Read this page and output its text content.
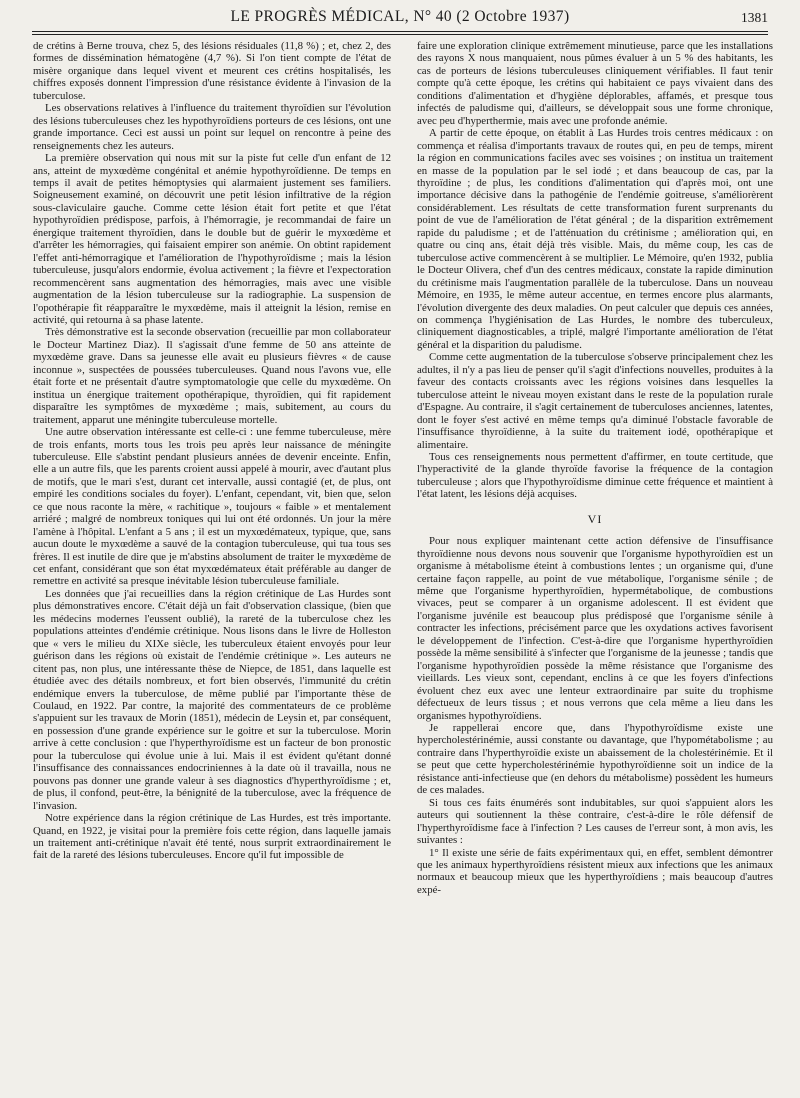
LE PROGRÈS MÉDICAL, N° 40 (2 Octobre 1937)	1381

de crétins à Berne trouva, chez 5, des lésions résiduales (11,8 %) ; et, chez 2, des formes de dissémination hématogène (4,7 %). Si l'on tient compte de l'état de misère organique dans lequel vivent et meurent ces crétins hospitalisés, les chiffres exposés donnent l'impression d'une résistance évidente à l'invasion de la tuberculose.

Les observations relatives à l'influence du traitement thyroïdien sur l'évolution des lésions tuberculeuses chez les hypothyroïdiens porteurs de ces lésions, ont une grande importance. Ceci est aussi un point sur lequel on rencontre à peine des renseignements chez les auteurs.

La première observation qui nous mit sur la piste fut celle d'un enfant de 12 ans, atteint de myxœdème congénital et anémie hypothyroïdienne. De temps en temps il avait de petites hémoptysies qui alarmaient justement ses familiers. Soigneusement examiné, on découvrit une petit lésion infiltrative de la région sous-claviculaire gauche. Comme cette lésion était fort petite et que l'état hypothyroïdien prédispose, parfois, à l'hémorragie, je recommandai de faire un énergique traitement thyroïdien, dans le double but de guérir le myxœdème et d'arrêter les hémorragies, qui faisaient empirer son anémie. On obtint rapidement l'effet anti-hémorragique et l'amélioration de l'hypothyroïdisme ; mais la lésion tuberculeuse, jusqu'alors endormie, évolua activement ; la fièvre et l'expectoration recommencèrent sans augmentation des hémorragies, mais avec une visible augmentation de la lésion tuberculeuse sur la radiographie. La suspension de l'opothérapie fit réapparaître le myxœdème, mais il atteignit la lésion, remise en activité, qui retourna à sa phase latente.

Très démonstrative est la seconde observation (recueillie par mon collaborateur le Docteur Martinez Diaz). Il s'agissait d'une femme de 50 ans atteinte de myxœdème grave. Dans sa jeunesse elle avait eu plusieurs fièvres « de cause inconnue », suspectées de poussées tuberculeuses. Quand nous l'avons vue, elle était forte et ne présentait d'autre symptomatologie que celle du myxœdème. On institua un énergique traitement opothérapique, thyroïdien, qui fit rapidement disparaître les symptômes de myxœdème ; mais, subitement, au cours du traitement, apparut une méningite tuberculeuse mortelle.

Une autre observation intéressante est celle-ci : une femme tuberculeuse, mère de trois enfants, morts tous les trois peu après leur naissance de méningite tuberculeuse. Elle s'abstint pendant plusieurs années de devenir enceinte. Enfin, elle a un autre fils, que les parents croient aussi appelé à mourir, avec d'autant plus de motifs, que le mari s'est, durant cet intervalle, aussi contagié (et, de plus, ont empiré les conditions sociales du foyer). L'enfant, cependant, vit, bien que, selon ce que nous raconte la mère, « rachitique », toujours « faible » et mentalement arriéré ; malgré de nombreux toniques qui lui ont été ordonnés. Un jour la mère l'amène à l'hôpital. L'enfant a 5 ans ; il est un myxœdémateux, typique, que, sans aucun doute le myxœdème a sauvé de la contagion tuberculeuse, qui tua tous ses frères. Il est inutile de dire que je m'abstins absolument de traiter le myxœdème de cet enfant, considérant que son état myxœdémateux était préférable au danger de remettre en activité sa presque inévitable lésion tuberculeuse familiale.

Les données que j'ai recueillies dans la région crétinique de Las Hurdes sont plus démonstratives encore. C'était déjà un fait d'observation classique, (bien que les médecins modernes l'eussent oublié), la rareté de la tuberculose chez les populations atteintes d'endémie crétinique. Nous lisons dans le livre de Holleston que « vers le milieu du XIXe siècle, les tuberculeux étaient envoyés pour leur guérison dans les régions où existait de l'endémie crétinique ». Les auteurs ne citent pas, non plus, une intéressante thèse de Niepce, de 1851, dans laquelle est étudiée avec des détails nombreux, et fort bien observés, l'immunité du crétin endémique envers la tuberculose, de même publié par l'importante thèse de Coulaud, en 1922. Par contre, la majorité des commentateurs de ce problème s'appuient sur les travaux de Morin (1851), médecin de Leysin et, par conséquent, en possession d'une grande expérience sur le goitre et sur la tuberculose. Morin arrive à cette conclusion : que l'hyperthyroïdisme est un facteur de bon pronostic pour la tuberculose qui évolue unie à lui. Mais il est évident qu'étant donné l'insuffisance des connaissances endocriniennes à la date où il travailla, nous ne pouvons pas donner une grande valeur à ses diagnostics d'hyperthyroïdisme ; et, de plus, il confond, peut-être, la bénignité de la tuberculose, avec la fréquence de l'invasion.

Notre expérience dans la région crétinique de Las Hurdes, est très importante. Quand, en 1922, je visitai pour la première fois cette région, dans laquelle jamais un traitement anti-crétinique n'avait été tenté, nous surprit extraordinairement le fait de la rareté des lésions tuberculeuses. Encore qu'il fut impossible de

faire une exploration clinique extrêmement minutieuse, parce que les installations des rayons X nous manquaient, nous pûmes évaluer à un 5 % des habitants, les cas de porteurs de lésions tuberculeuses cliniquement vérifiables. Il faut tenir compte qu'à cette époque, les crétins qui habitaient ce pays vivaient dans des conditions d'alimentation et d'hygiène déplorables, affamés, et presque tous infectés de paludisme qui, d'ailleurs, se développait sous une forme chronique, avec peu d'hyperthermie, mais avec une profonde anémie.

A partir de cette époque, on établit à Las Hurdes trois centres médicaux : on commença et réalisa d'importants travaux de routes qui, en peu de temps, mirent la région en communications faciles avec ses voisines ; on institua un traitement en masse de la population par le sel iodé ; et dans beaucoup de cas, par la thyroïdine ; de plus, les conditions d'alimentation qui d'après moi, ont une importance décisive dans la pathogénie de l'endémie goitreuse, s'améliorèrent considérablement. Les résultats de cette transformation furent surprenants du point de vue de l'amélioration de l'état général ; de la disparition extrêmement rapide du paludisme ; et de l'atténuation du crétinisme ; amélioration qui, en quatre ou cinq ans, était déjà très visible. Mais, du même coup, les cas de tuberculose active commencèrent à se multiplier. Le Mémoire, qu'en 1932, publia le Docteur Olivera, chef d'un des centres médicaux, constate la rapide diminution du crétinisme mais l'augmentation parallèle de la tuberculose. Dans un nouveau Mémoire, en 1935, le même auteur accentue, en termes encore plus alarmants, l'évolution divergente des deux maladies. On peut calculer que depuis ces années, on commença l'hygiénisation de Las Hurdes, le nombre des tuberculeux, cliniquement diagnosticables, a triplé, malgré l'importante amélioration de l'état général et la disparition du paludisme.

Comme cette augmentation de la tuberculose s'observe principalement chez les adultes, il n'y a pas lieu de penser qu'il s'agit d'infections nouvelles, produites à la faveur des contacts croissants avec les régions voisines dans lesquelles la tuberculose atteint le niveau moyen existant dans le reste de la population rurale d'Espagne. Au contraire, il s'agit certainement de tuberculoses anciennes, latentes, dont le foyer s'est activé en même temps qu'a diminué l'obstacle favorable de l'insuffisance thyroïdienne, à la suite du traitement iodé, opothérapique et alimentaire.

Tous ces renseignements nous permettent d'affirmer, en toute certitude, que l'hyperactivité de la glande thyroïde favorise la fréquence de la contagion tuberculeuse ; alors que l'hypothyroïdisme diminue cette fréquence et maintient à l'état latent, les lésions déjà acquises.

VI

Pour nous expliquer maintenant cette action défensive de l'insuffisance thyroïdienne nous devons nous souvenir que l'organisme hypothyroïdien est un organisme à métabolisme éteint à combustions lentes ; un organisme qui, d'une certaine façon rappelle, au point de vue métabolique, l'organisme sénile ; de même que l'organisme hyperthyroïdien, hypermétabolique, de combustions vivaces, peut se comparer à un organisme adolescent. Il est évident que l'organisme juvénile est beaucoup plus prédisposé que l'organisme sénile à contracter les infections, précisément parce que les oxydations actives favorisent le développement de l'infection. C'est-à-dire que l'organisme hyperthyroïdien possède la même sensibilité à s'infecter que l'organisme de la jeunesse ; tandis que l'organisme hypothyroïdien possède la même résistance que l'organisme des vieillards. Les vieux sont, cependant, enclins à ce que les foyers d'infections évoluent chez eux avec une lenteur extraordinaire par suite du trophisme défectueux de leurs tissus ; et nous verrons que cela même a lieu dans les organismes hypothyroïdiens.

Je rappellerai encore que, dans l'hypothyroïdisme existe une hypercholestérinémie, aussi constante ou davantage, que l'hypométabolisme ; au contraire dans l'hyperthyroïdie existe un abaissement de la cholestérinémie. Et il se peut que cette hypercholestérinémie hypothyroïdienne soit un indice de la résistance anti-infectieuse que (en dehors du métabolisme) possèdent les humeurs de ces malades.

Si tous ces faits énumérés sont indubitables, sur quoi s'appuient alors les auteurs qui soutiennent la thèse contraire, c'est-à-dire le rôle défensif de l'hyperthyroïdisme face à l'infection ? Les causes de l'erreur sont, à mon avis, les suivantes :

1° Il existe une série de faits expérimentaux qui, en effet, semblent démontrer que les animaux hyperthyroïdiens résistent mieux aux infections que les animaux normaux et beaucoup mieux que les hyperthyroïdiens ; mais beaucoup d'autres expé-
